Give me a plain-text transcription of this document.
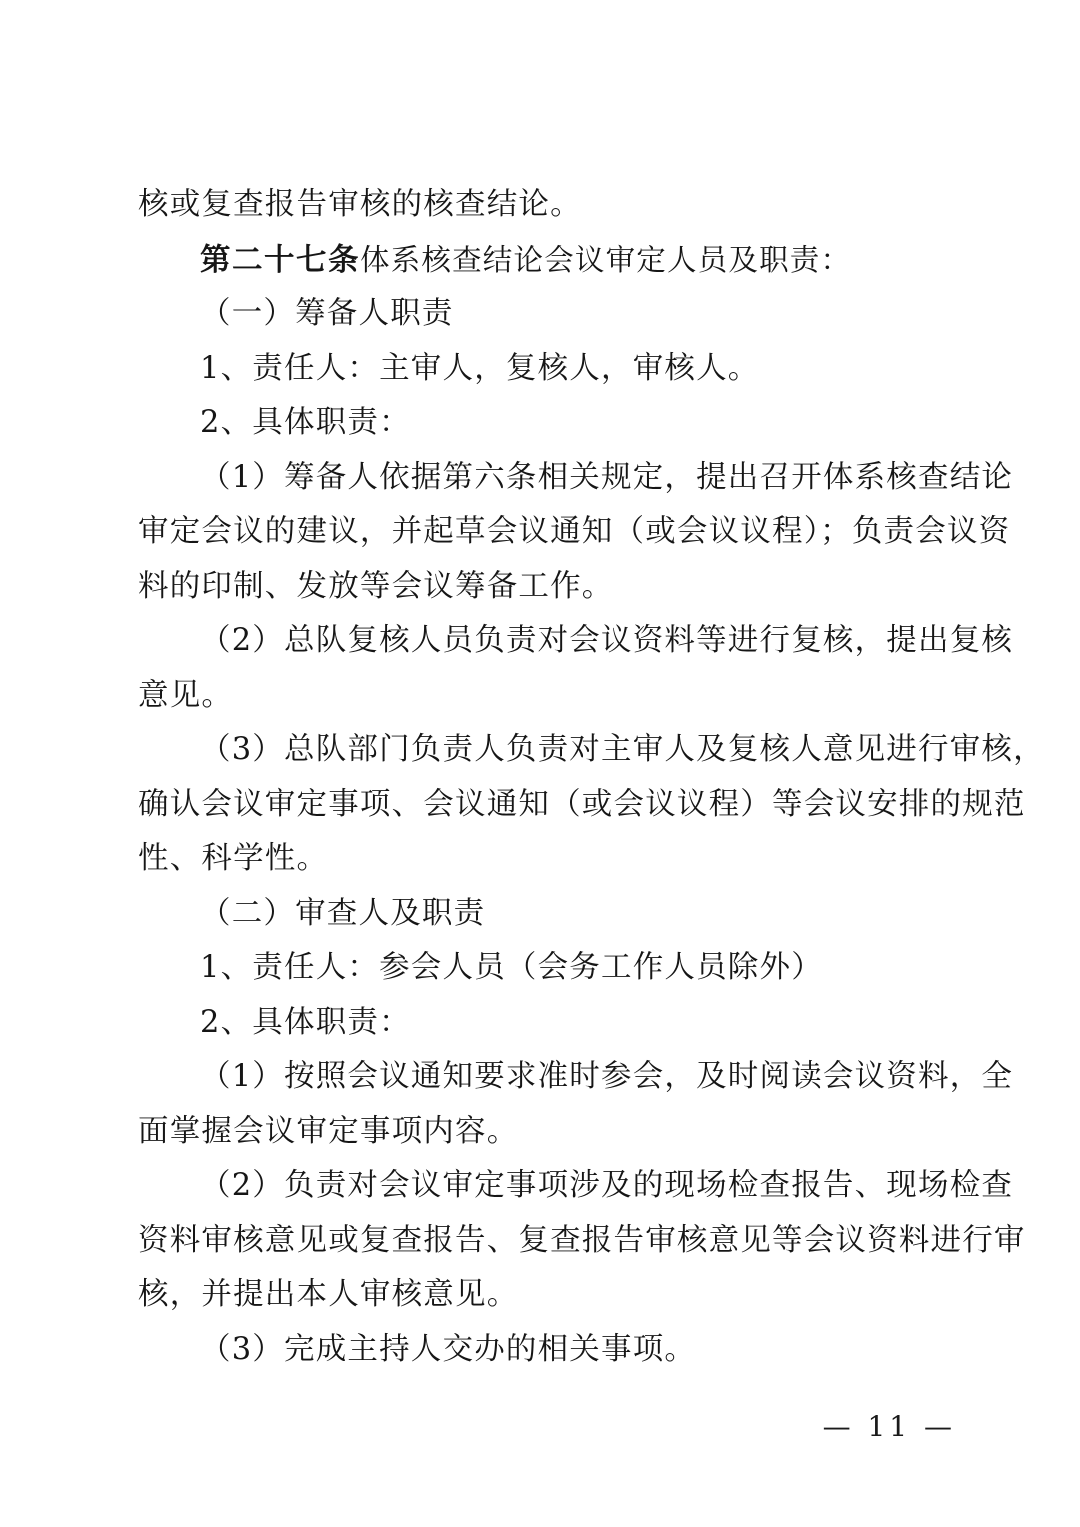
核或复查报告审核的核查结论。
第二十七条体系核查结论会议审定人员及职责：
（一）筹备人职责
1、责任人：主审人，复核人，审核人。
2、具体职责：
（1）筹备人依据第六条相关规定，提出召开体系核查结论
审定会议的建议，并起草会议通知（或会议议程）；负责会议资
料的印制、发放等会议筹备工作。
（2）总队复核人员负责对会议资料等进行复核，提出复核
意见。
（3）总队部门负责人负责对主审人及复核人意见进行审核，
确认会议审定事项、会议通知（或会议议程）等会议安排的规范
性、科学性。
（二）审查人及职责
1、责任人：参会人员（会务工作人员除外）
2、具体职责：
（1）按照会议通知要求准时参会，及时阅读会议资料，全
面掌握会议审定事项内容。
（2）负责对会议审定事项涉及的现场检查报告、现场检查
资料审核意见或复查报告、复查报告审核意见等会议资料进行审
核，并提出本人审核意见。
（3）完成主持人交办的相关事项。
— 11 —
